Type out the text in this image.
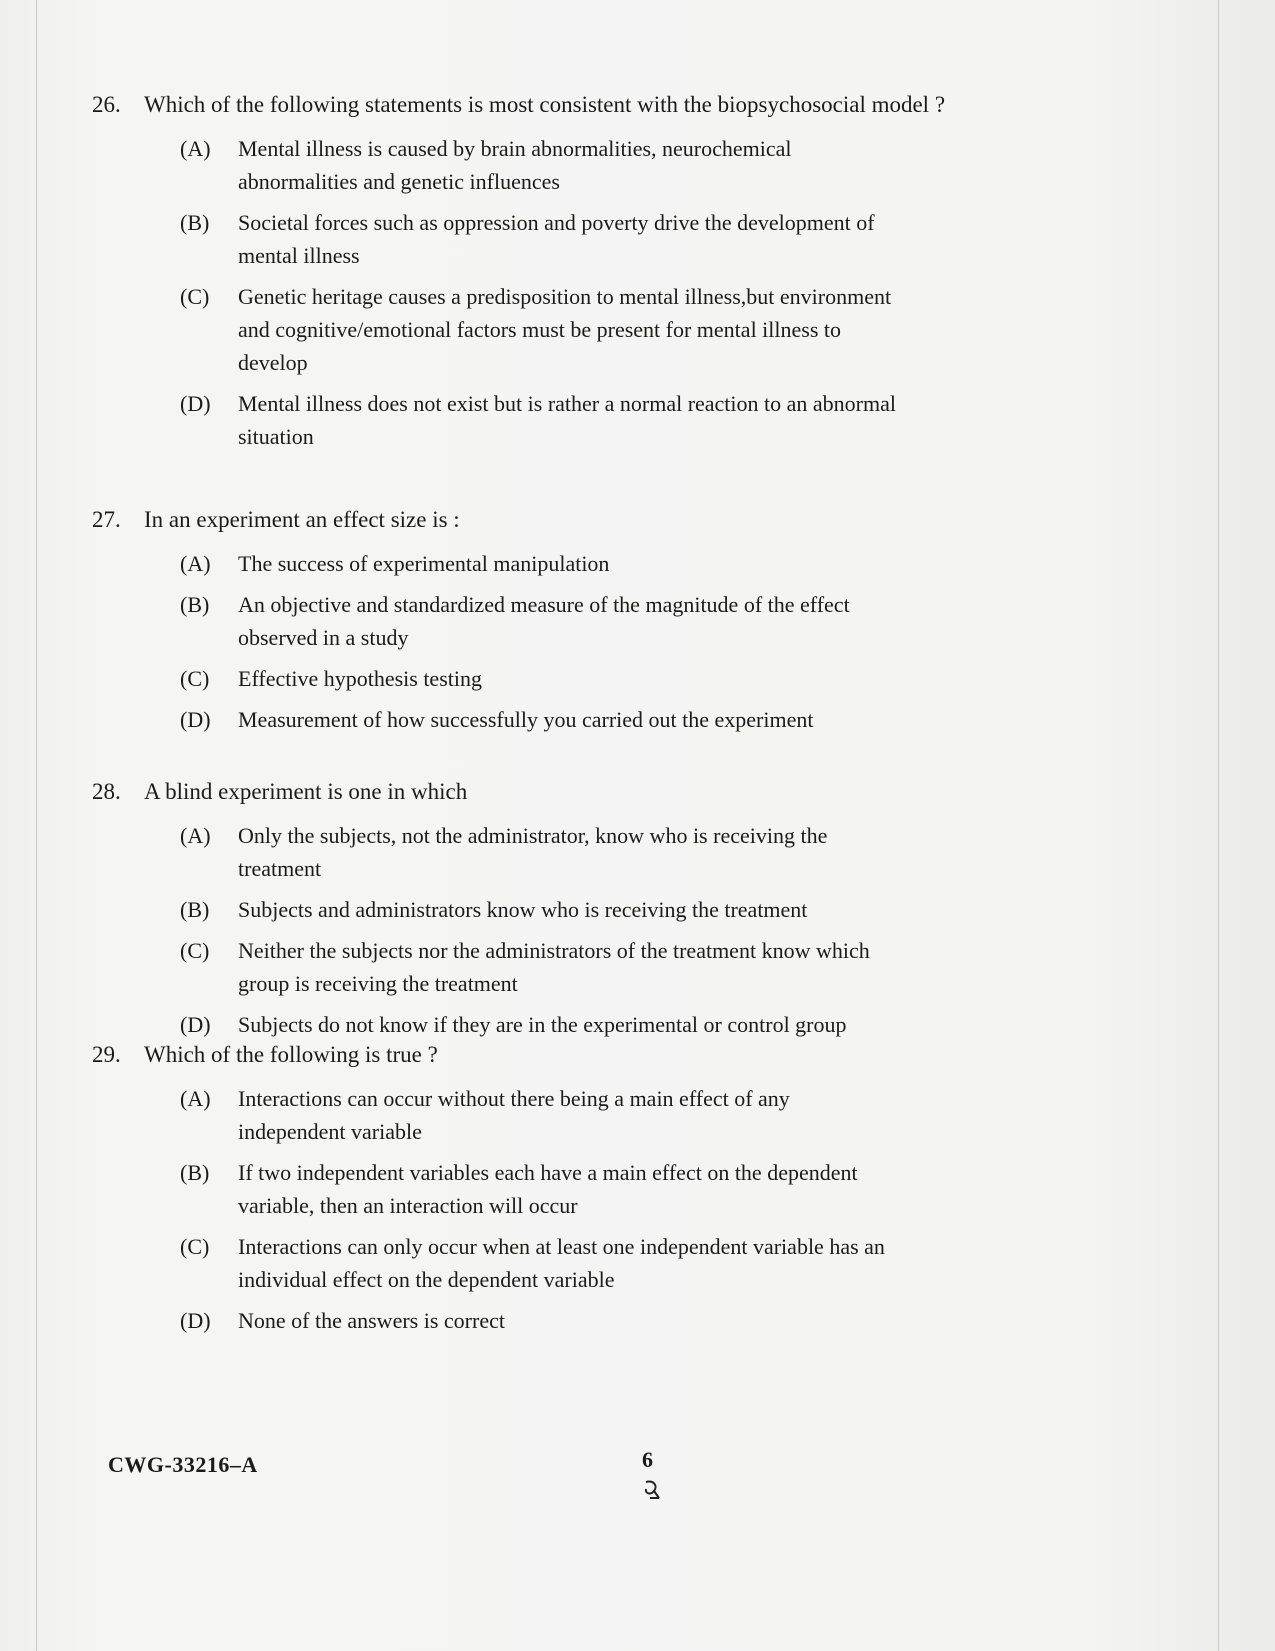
26.	Which of the following statements is most consistent with the biopsychosocial model ?
(A)	Mental illness is caused by brain abnormalities, neurochemical abnormalities and genetic influences
(B)	Societal forces such as oppression and poverty drive the development of mental illness
(C)	Genetic heritage causes a predisposition to mental illness,but environment and cognitive/emotional factors must be present for mental illness to develop
(D)	Mental illness does not exist but is rather a normal reaction to an abnormal situation
27.	In an experiment an effect size is :
(A)	The success of experimental manipulation
(B)	An objective and standardized measure of the magnitude of the effect observed in a study
(C)	Effective hypothesis testing
(D)	Measurement of how successfully you carried out the experiment
28.	A blind experiment is one in which
(A)	Only the subjects, not the administrator, know who is receiving the treatment
(B)	Subjects and administrators know who is receiving the treatment
(C)	Neither the subjects nor the administrators of the treatment know which group is receiving the treatment
(D)	Subjects do not know if they are in the experimental or control group
29.	Which of the following is true ?
(A)	Interactions can occur without there being a main effect of any independent variable
(B)	If two independent variables each have a main effect on the dependent variable, then an interaction will occur
(C)	Interactions can only occur when at least one independent variable has an individual effect on the dependent variable
(D)	None of the answers is correct
CWG-33216–A	6
